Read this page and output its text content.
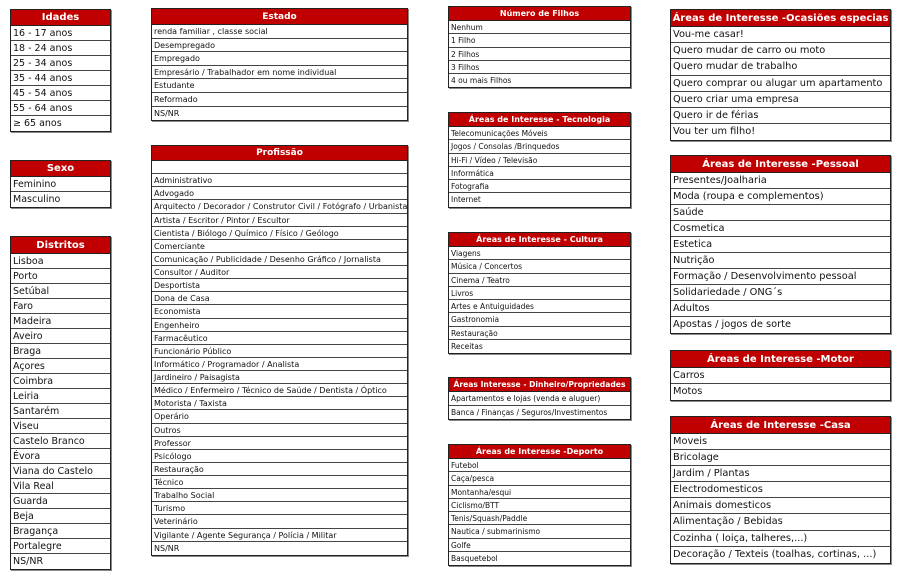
Idades
16 - 17 anos
18 - 24 anos
25 - 34 anos
35 - 44 anos
45 - 54 anos
55 - 64 anos
≥ 65 anos
Sexo
Feminino
Masculino
Distritos
Lisboa
Porto
Setúbal
Faro
Madeira
Aveiro
Braga
Açores
Coimbra
Leiria
Santarém
Viseu
Castelo Branco
Évora
Viana do Castelo
Vila Real
Guarda
Beja
Bragança
Portalegre
NS/NR
Estado
renda familiar , classe social
Desempregado
Empregado
Empresário / Trabalhador em nome individual
Estudante
Reformado
NS/NR
Profissão
Administrativo
Advogado
Arquitecto / Decorador / Construtor Civil / Fotógrafo / Urbanista
Artista / Escritor / Pintor / Escultor
Cientista / Biólogo / Químico / Físico / Geólogo
Comerciante
Comunicação / Publicidade / Desenho Gráfico / Jornalista
Consultor / Auditor
Desportista
Dona de Casa
Economista
Engenheiro
Farmacêutico
Funcionário Público
Informático / Programador / Analista
Jardineiro / Paisagista
Médico / Enfermeiro / Técnico de Saúde / Dentista / Óptico
Motorista / Taxista
Operário
Outros
Professor
Psicólogo
Restauração
Técnico
Trabalho Social
Turismo
Veterinário
Vigilante / Agente Segurança / Polícia / Militar
NS/NR
Número de Filhos
Nenhum
1 Filho
2 Filhos
3 Filhos
4 ou mais Filhos
Áreas de Interesse - Tecnologia
Telecomunicações Móveis
Jogos / Consolas /Brinquedos
Hi-Fi / Vídeo / Televisão
Informática
Fotografia
Internet
Áreas de Interesse - Cultura
Viagens
Música / Concertos
Cinema / Teatro
Livros
Artes e Antuiguidades
Gastronomia
Restauração
Receitas
Áreas Interesse - Dinheiro/Propriedades
Apartamentos e lojas (venda e aluguer)
Banca / Finanças / Seguros/Investimentos
Áreas de Interesse -Deporto
Futebol
Caça/pesca
Montanha/esqui
Ciclismo/BTT
Tenis/Squash/Paddle
Nautica / submarinismo
Golfe
Basquetebol
Áreas de Interesse -Ocasiões especias
Vou-me casar!
Quero mudar de carro ou moto
Quero mudar de trabalho
Quero comprar ou alugar um apartamento
Quero criar uma empresa
Quero ir de férias
Vou ter um filho!
Áreas de Interesse -Pessoal
Presentes/Joalharia
Moda (roupa e complementos)
Saúde
Cosmetica
Estetica
Nutrição
Formação / Desenvolvimento pessoal
Solidariedade / ONG´s
Adultos
Apostas / jogos de sorte
Áreas de Interesse -Motor
Carros
Motos
Áreas de Interesse -Casa
Moveis
Bricolage
Jardim / Plantas
Electrodomesticos
Animais domesticos
Alimentação / Bebidas
Cozinha ( loiça, talheres,...)
Decoração / Texteis (toalhas, cortinas, ...)
